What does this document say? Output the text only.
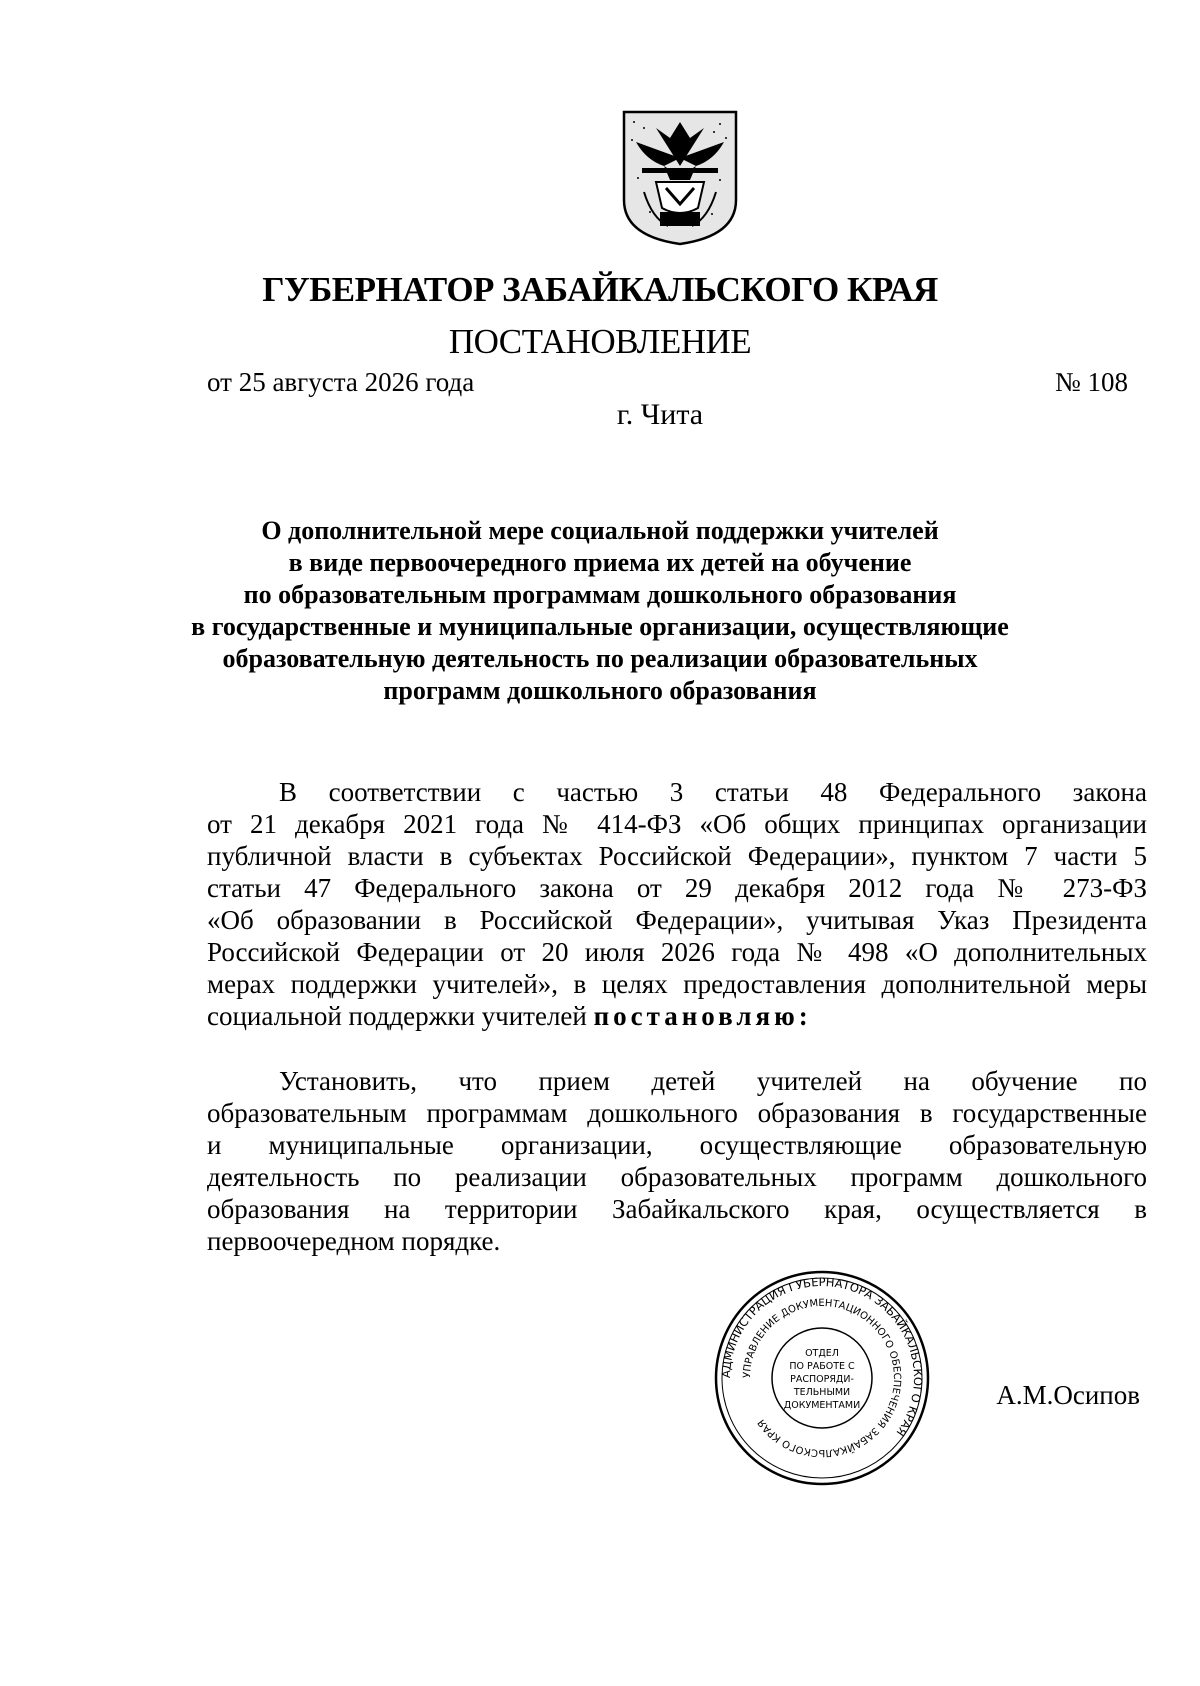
ГУБЕРНАТОР ЗАБАЙКАЛЬСКОГО КРАЯ
ПОСТАНОВЛЕНИЕ
от 25 августа 2026 года	№ 108
г. Чита
О дополнительной мере социальной поддержки учителей
в виде первоочередного приема их детей на обучение
по образовательным программам дошкольного образования
в государственные и муниципальные организации, осуществляющие
образовательную деятельность по реализации образовательных
программ дошкольного образования
В соответствии с частью 3 статьи 48 Федерального закона
от 21 декабря 2021 года № 414-ФЗ «Об общих принципах организации
публичной власти в субъектах Российской Федерации», пунктом 7 части 5
статьи 47 Федерального закона от 29 декабря 2012 года № 273-ФЗ
«Об образовании в Российской Федерации», учитывая Указ Президента
Российской Федерации от 20 июля 2026 года № 498 «О дополнительных
мерах поддержки учителей», в целях предоставления дополнительной меры
социальной поддержки учителей постановляю:
Установить, что прием детей учителей на обучение по
образовательным программам дошкольного образования в государственные
и муниципальные организации, осуществляющие образовательную
деятельность по реализации образовательных программ дошкольного
образования на территории Забайкальского края, осуществляется в
первоочередном порядке.
АДМИНИСТРАЦИЯ ГУБЕРНАТОРА ЗАБАЙКАЛЬСКОГО КРАЯ
УПРАВЛЕНИЕ ДОКУМЕНТАЦИОННОГО ОБЕСПЕЧЕНИЯ ЗАБАЙКАЛЬСКОГО КРАЯ
ОТДЕЛ
ПО РАБОТЕ С
РАСПОРЯДИ-
ТЕЛЬНЫМИ
ДОКУМЕНТАМИ	А.М.Осипов
